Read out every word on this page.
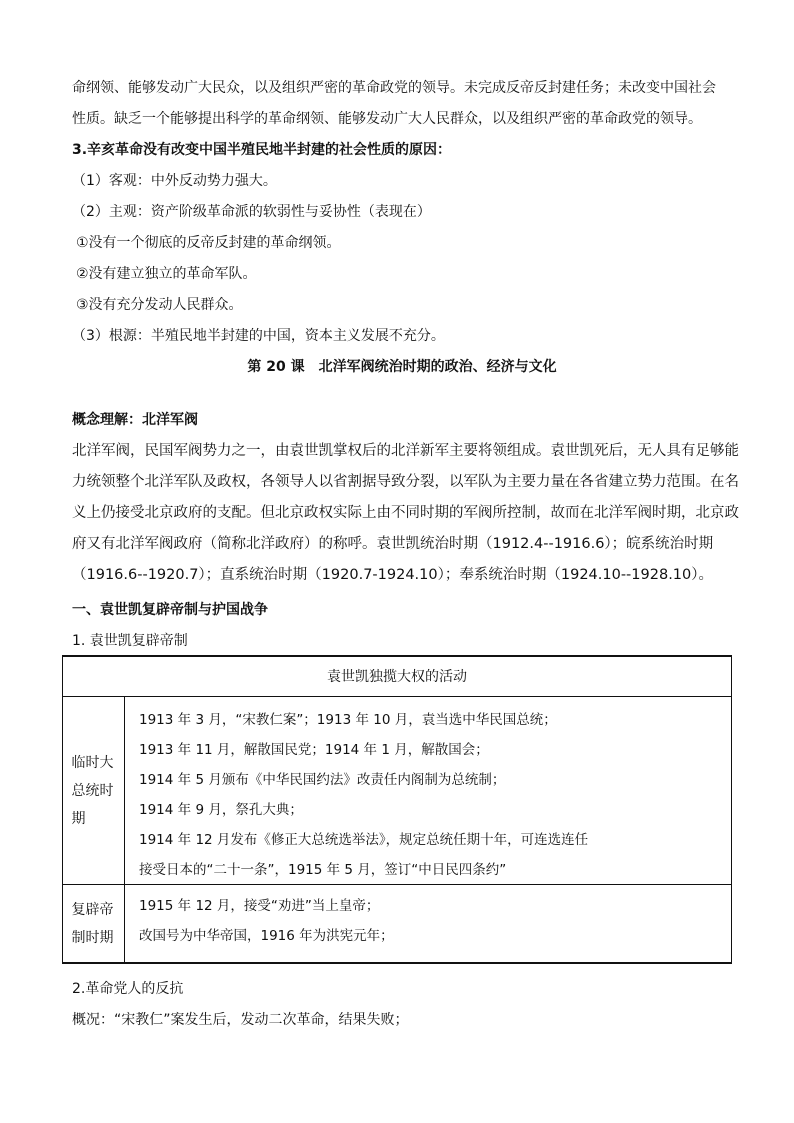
命纲领、能够发动广大民众，以及组织严密的革命政党的领导。未完成反帝反封建任务；未改变中国社会
性质。缺乏一个能够提出科学的革命纲领、能够发动广大人民群众，以及组织严密的革命政党的领导。
3.辛亥革命没有改变中国半殖民地半封建的社会性质的原因：
（1）客观：中外反动势力强大。
（2）主观：资产阶级革命派的软弱性与妥协性（表现在）
①没有一个彻底的反帝反封建的革命纲领。
②没有建立独立的革命军队。
③没有充分发动人民群众。
（3）根源：半殖民地半封建的中国，资本主义发展不充分。
第 20 课　北洋军阀统治时期的政治、经济与文化
概念理解：北洋军阀
北洋军阀，民国军阀势力之一，由袁世凯掌权后的北洋新军主要将领组成。袁世凯死后，无人具有足够能
力统领整个北洋军队及政权，各领导人以省割据导致分裂，以军队为主要力量在各省建立势力范围。在名
义上仍接受北京政府的支配。但北京政权实际上由不同时期的军阀所控制，故而在北洋军阀时期，北京政
府又有北洋军阀政府（简称北洋政府）的称呼。袁世凯统治时期（1912.4--1916.6）；皖系统治时期
（1916.6--1920.7）；直系统治时期（1920.7-1924.10）；奉系统治时期（1924.10--1928.10）。
一、袁世凯复辟帝制与护国战争
1. 袁世凯复辟帝制
袁世凯独揽大权的活动
临时大总统时期
1913 年 3 月，“宋教仁案”；1913 年 10 月，袁当选中华民国总统；
1913 年 11 月，解散国民党；1914 年 1 月，解散国会；
1914 年 5 月颁布《中华民国约法》改责任内阁制为总统制；
1914 年 9 月，祭孔大典；
1914 年 12 月发布《修正大总统选举法》，规定总统任期十年，可连选连任
接受日本的“二十一条”，1915 年 5 月，签订“中日民四条约”
复辟帝制时期
1915 年 12 月，接受“劝进”当上皇帝；
改国号为中华帝国，1916 年为洪宪元年；
2.革命党人的反抗
概况：“宋教仁”案发生后，发动二次革命，结果失败；
